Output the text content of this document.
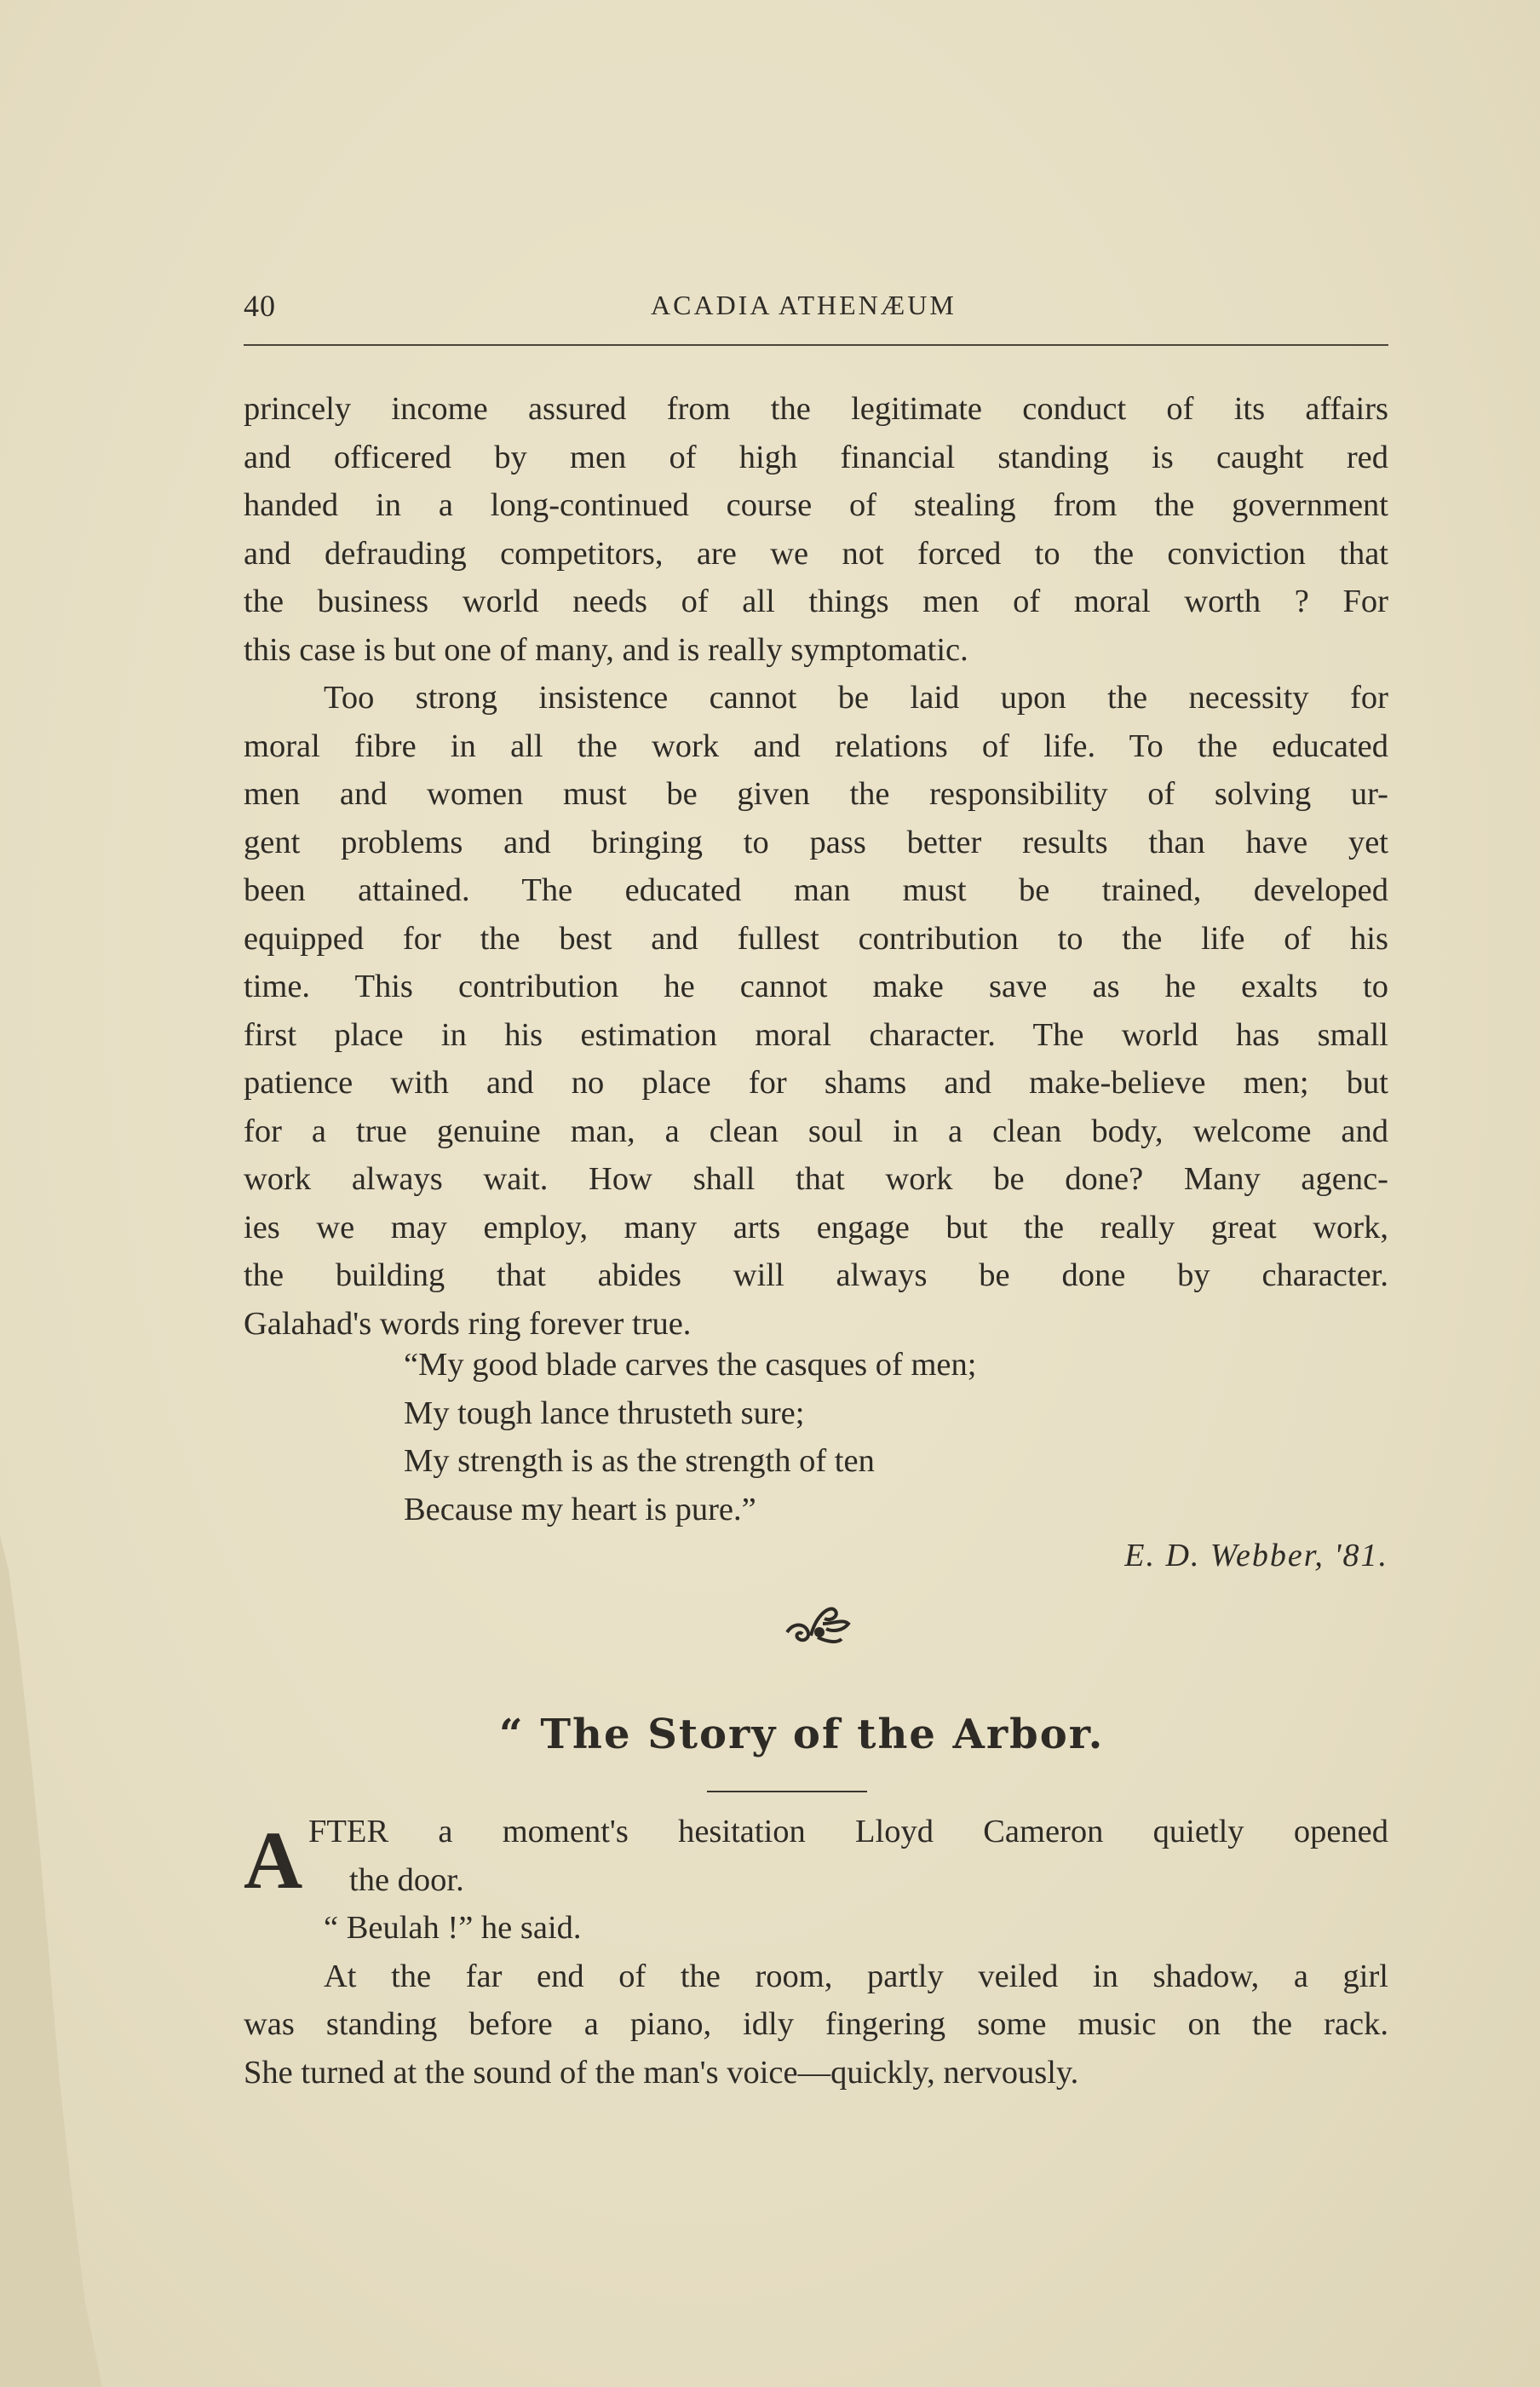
40	ACADIA ATHENÆUM
princely income assured from the legitimate conduct of its affairs
and officered by men of high financial standing is caught red
handed in a long-continued course of stealing from the government
and defrauding competitors, are we not forced to the conviction that
the business world needs of all things men of moral worth ? For
this case is but one of many, and is really symptomatic.
Too strong insistence cannot be laid upon the necessity for
moral fibre in all the work and relations of life. To the educated
men and women must be given the responsibility of solving ur-
gent problems and bringing to pass better results than have yet
been attained. The educated man must be trained, developed
equipped for the best and fullest contribution to the life of his
time. This contribution he cannot make save as he exalts to
first place in his estimation moral character. The world has small
patience with and no place for shams and make-believe men; but
for a true genuine man, a clean soul in a clean body, welcome and
work always wait. How shall that work be done? Many agenc-
ies we may employ, many arts engage but the really great work,
the building that abides will always be done by character.
Galahad's words ring forever true.
“My good blade carves the casques of men;
My tough lance thrusteth sure;
My strength is as the strength of ten
Because my heart is pure.”
E. D. Webber, '81.
“ The Story of the Arbor.
A FTER a moment's hesitation Lloyd Cameron quietly opened
the door.
“ Beulah !” he said.
At the far end of the room, partly veiled in shadow, a girl
was standing before a piano, idly fingering some music on the rack.
She turned at the sound of the man's voice—quickly, nervously.
